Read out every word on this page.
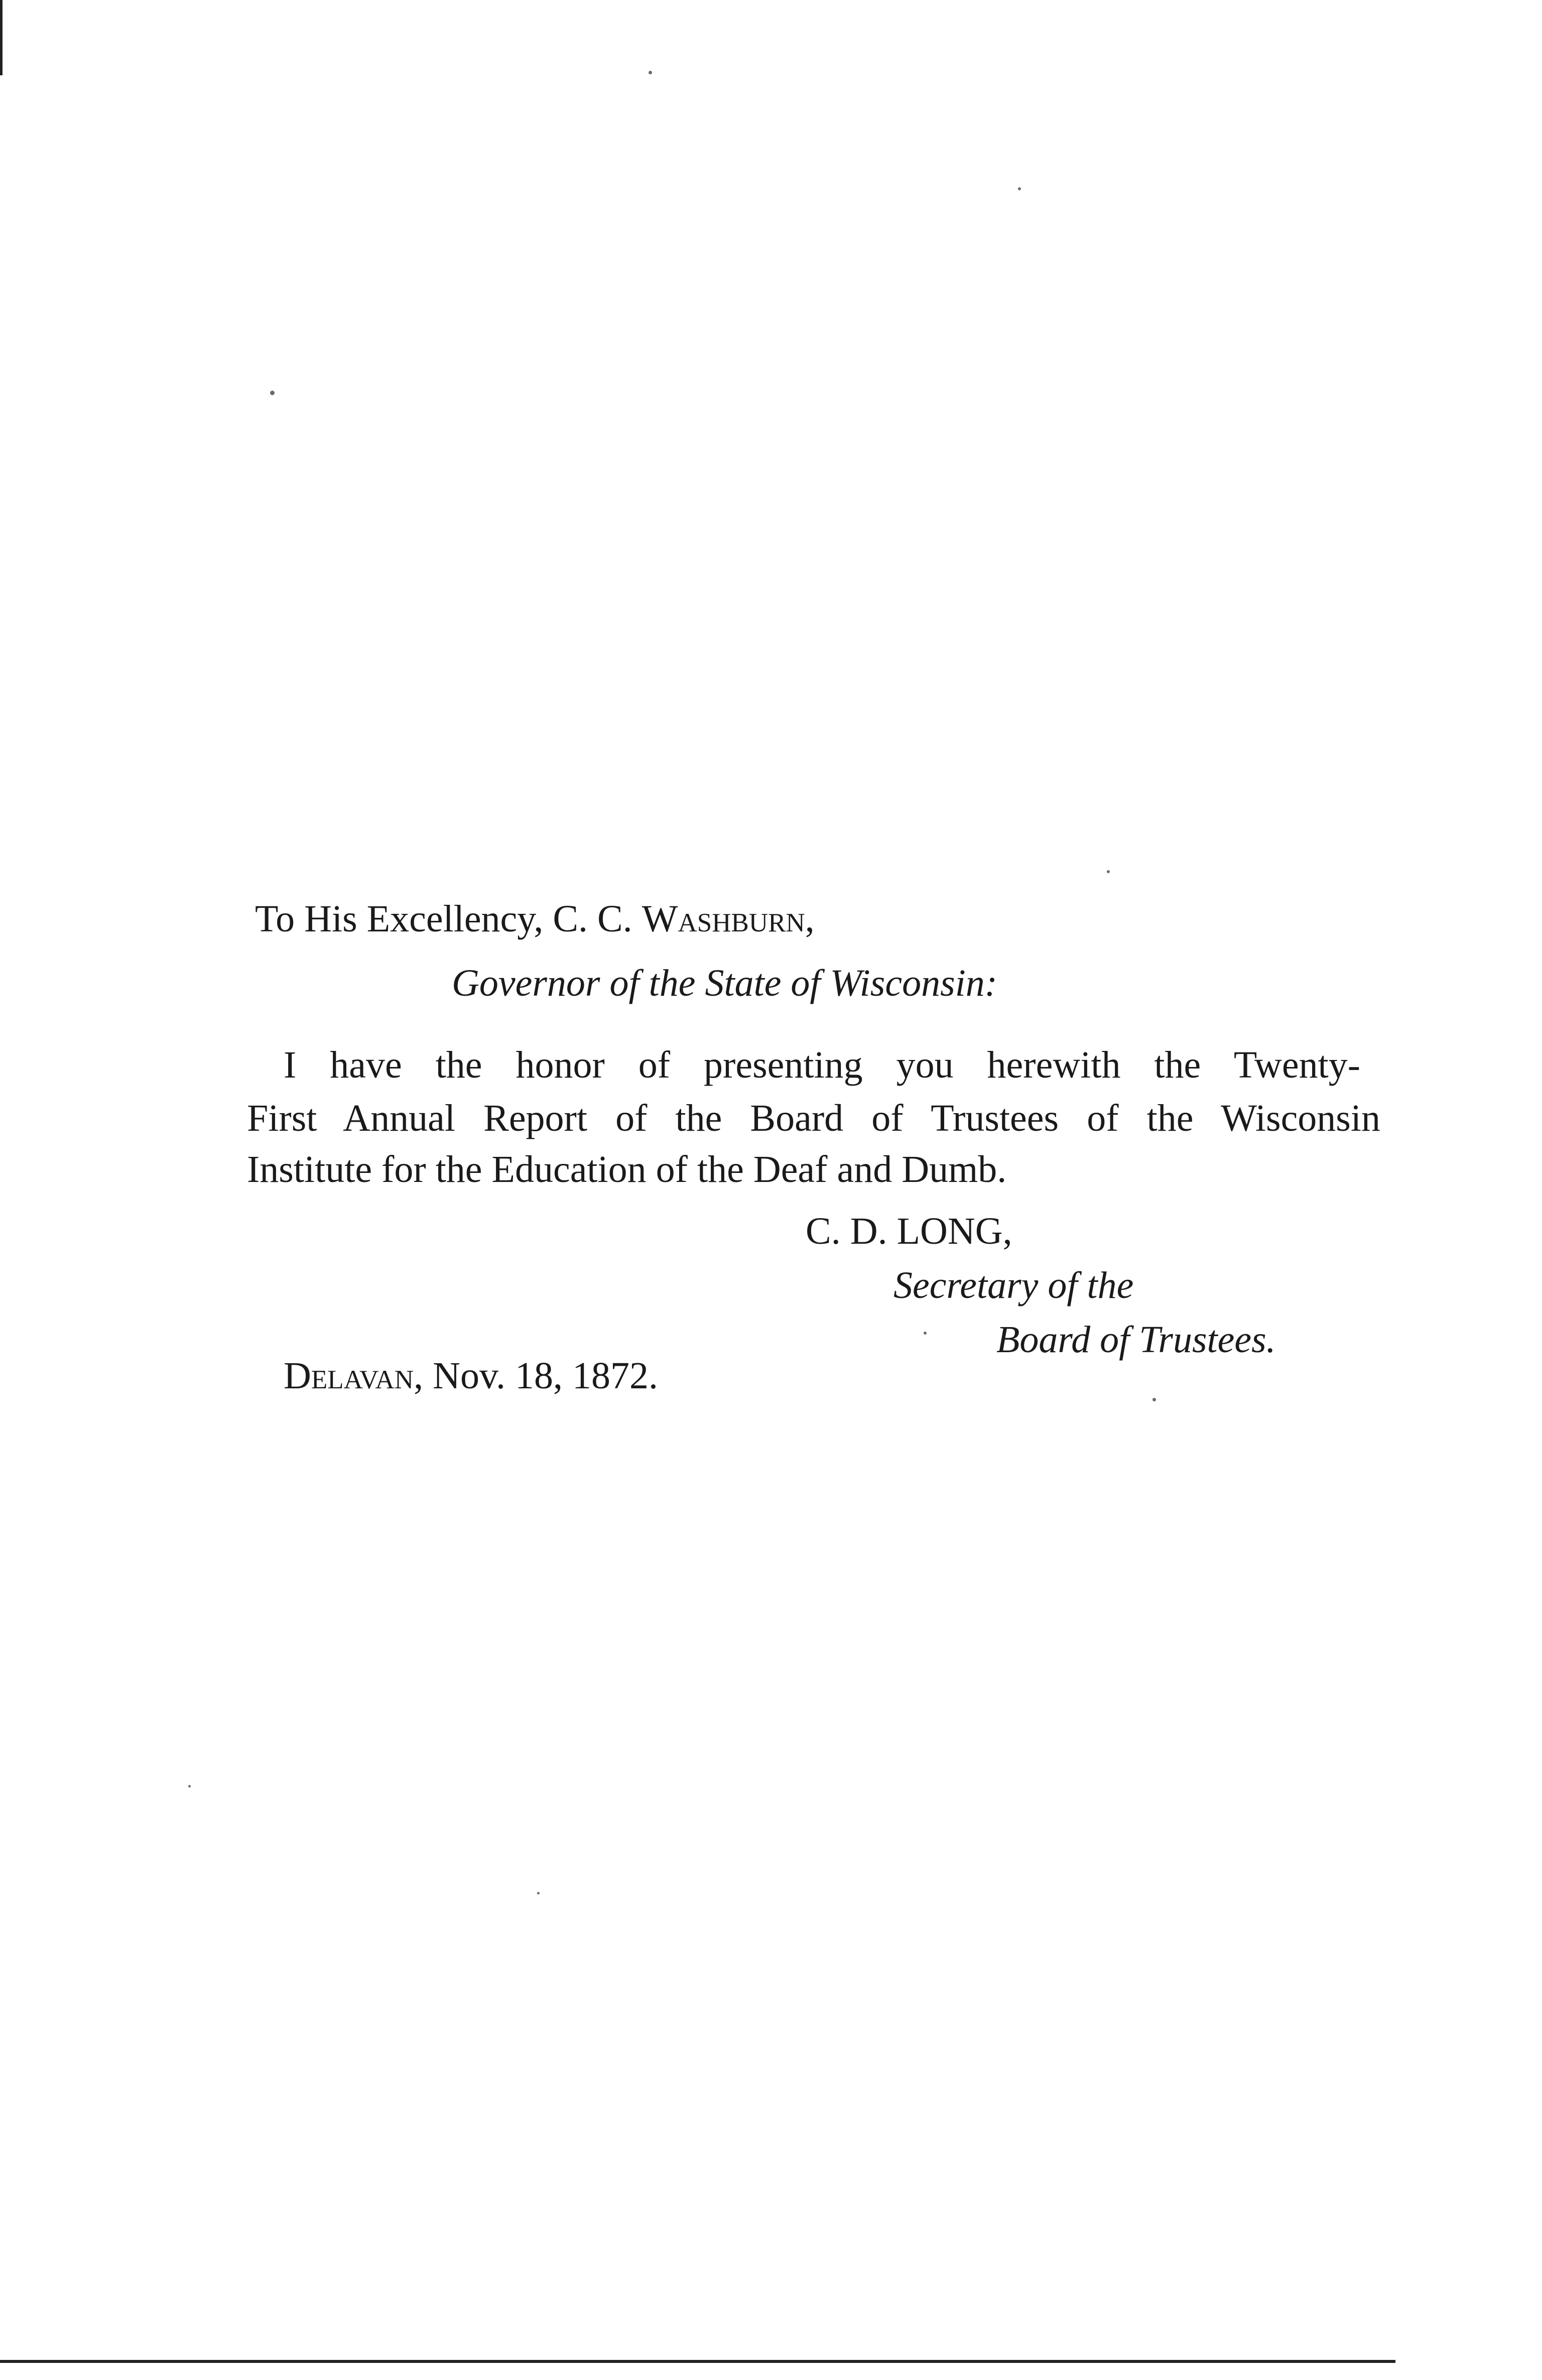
To His Excellency, C. C. Washburn,
Governor of the State of Wisconsin:
I have the honor of presenting you herewith the Twenty-
First Annual Report of the Board of Trustees of the Wisconsin
Institute for the Education of the Deaf and Dumb.
C. D. LONG,
Secretary of the
Board of Trustees.
Delavan, Nov. 18, 1872.
